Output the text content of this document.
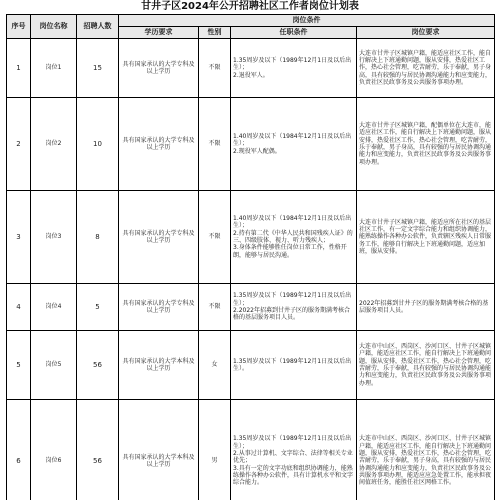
甘井子区2024年公开招聘社区工作者岗位计划表
序号	岗位名称	招聘人数	岗位条件			
			学历要求	性别	任职条件	岗位要求
1	岗位1	15	具有国家承认的大学专科及以上学历	不限	1.35周岁及以下（1989年12月1日及以后出生）；
2.退役军人。	大连市甘井子区城镇户籍，能适应社区工作，能自行解决上下班通勤问题，服从安排，热爱社区工作，热心社会管理，吃苦耐劳，乐于奉献，男子身高，具有较强的与居民协调沟通能力和应变能力，负责社区民政事务及公共服务事项办理。
2	岗位2	10	具有国家承认的大学专科及以上学历	不限	1.40周岁及以下（1984年12月1日及以后出生）；
2.现役军人配偶。	大连市甘井子区城镇户籍，配偶单位在大连市，能适应社区工作，能自行解决上下班通勤问题，服从安排，热爱社区工作，热心社会管理，吃苦耐劳，乐于奉献，男子身高，具有较强的与居民协调沟通能力和应变能力，负责社区民政事务及公共服务事项办理。
3	岗位3	8	具有国家承认的大学专科及以上学历	不限	1.40周岁及以下（1984年12月1日及以后出生）；
2.持有第二代《中华人民共和国残疾人证》的三、四级肢体、视力、听力残疾人；
3.身体条件能够胜任岗位日常工作，性格开朗，能够与居民沟通。	大连市甘井子区城镇户籍，能适应所在社区的基层社区工作，有一定文字综合能力和组织协调能力，能熟练操作各种办公软件，负责辖区残疾人日常服务工作，能够自行解决上下班通勤问题，适应加班，服从安排。
4	岗位4	5	具有国家承认的大学专科及以上学历	不限	1.35周岁及以下（1989年12月1日及以后出生）；
2.2022年招募到甘井子区的服务期满考核合格的基层服务项目人员。	2022年招募到甘井子区的服务期满考核合格的基层服务项目人员。
5	岗位5	56	具有国家承认的大学本科及以上学历	女	1.35周岁及以下（1989年12月1日及以后出生）。	大连市中山区、西岗区、沙河口区、甘井子区城镇户籍，能适应社区工作，能自行解决上下班通勤问题，服从安排，热爱社区工作，热心社会管理，吃苦耐劳，乐于奉献，具有较强的与居民协调沟通能力和应变能力，负责社区民政事务及公共服务事项办理。
6	岗位6	56	具有国家承认的大学本科及以上学历	男	1.35周岁及以下（1989年12月1日及以后出生）；
2.从事过计算机、文字综合、法律等相关专业优先；
3.具有一定的文字功底和组织协调能力，能熟练操作各种办公软件，具有计算机水平和文字综合能力。	大连市中山区、西岗区、沙河口区、甘井子区城镇户籍，能适应社区工作，能自行解决上下班通勤问题，服从安排，热爱社区工作，热心社会管理，吃苦耐劳，乐于奉献，男子身高，具有较强的与居民协调沟通能力和应变能力，负责社区民政事务及公共服务事项办理，能适应应急处置工作，能承担夜间值班任务，能胜任社区网格工作。
